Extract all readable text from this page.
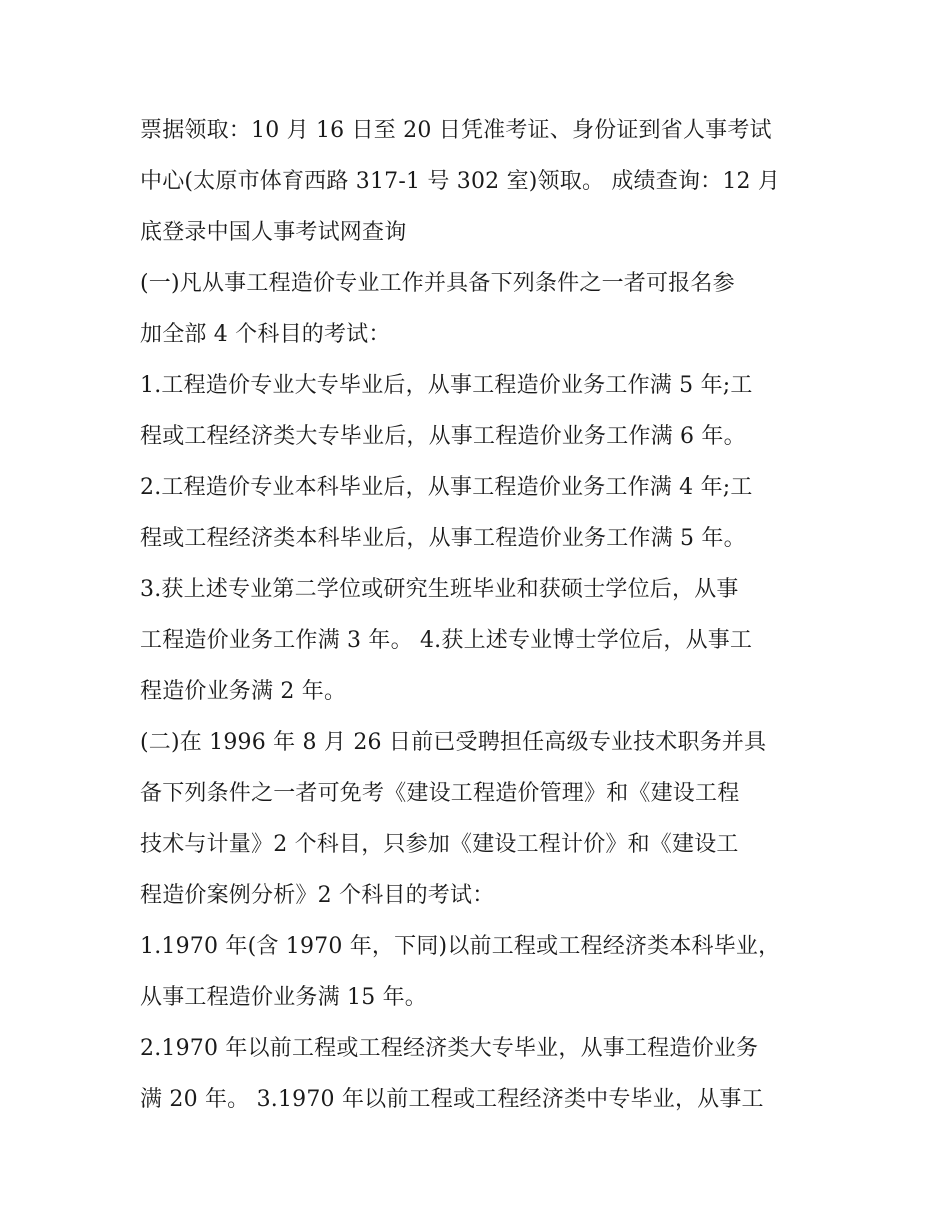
票据领取：10 月 16 日至 20 日凭准考证、身份证到省人事考试
中心(太原市体育西路 317-1 号 302 室)领取。 成绩查询：12 月
底登录中国人事考试网查询
(一)凡从事工程造价专业工作并具备下列条件之一者可报名参
加全部 4 个科目的考试：
1.工程造价专业大专毕业后，从事工程造价业务工作满 5 年;工
程或工程经济类大专毕业后，从事工程造价业务工作满 6 年。
2.工程造价专业本科毕业后，从事工程造价业务工作满 4 年;工
程或工程经济类本科毕业后，从事工程造价业务工作满 5 年。
3.获上述专业第二学位或研究生班毕业和获硕士学位后，从事
工程造价业务工作满 3 年。 4.获上述专业博士学位后，从事工
程造价业务满 2 年。
(二)在 1996 年 8 月 26 日前已受聘担任高级专业技术职务并具
备下列条件之一者可免考《建设工程造价管理》和《建设工程
技术与计量》2 个科目，只参加《建设工程计价》和《建设工
程造价案例分析》2 个科目的考试：
1.1970 年(含 1970 年，下同)以前工程或工程经济类本科毕业，
从事工程造价业务满 15 年。
2.1970 年以前工程或工程经济类大专毕业，从事工程造价业务
满 20 年。 3.1970 年以前工程或工程经济类中专毕业，从事工
